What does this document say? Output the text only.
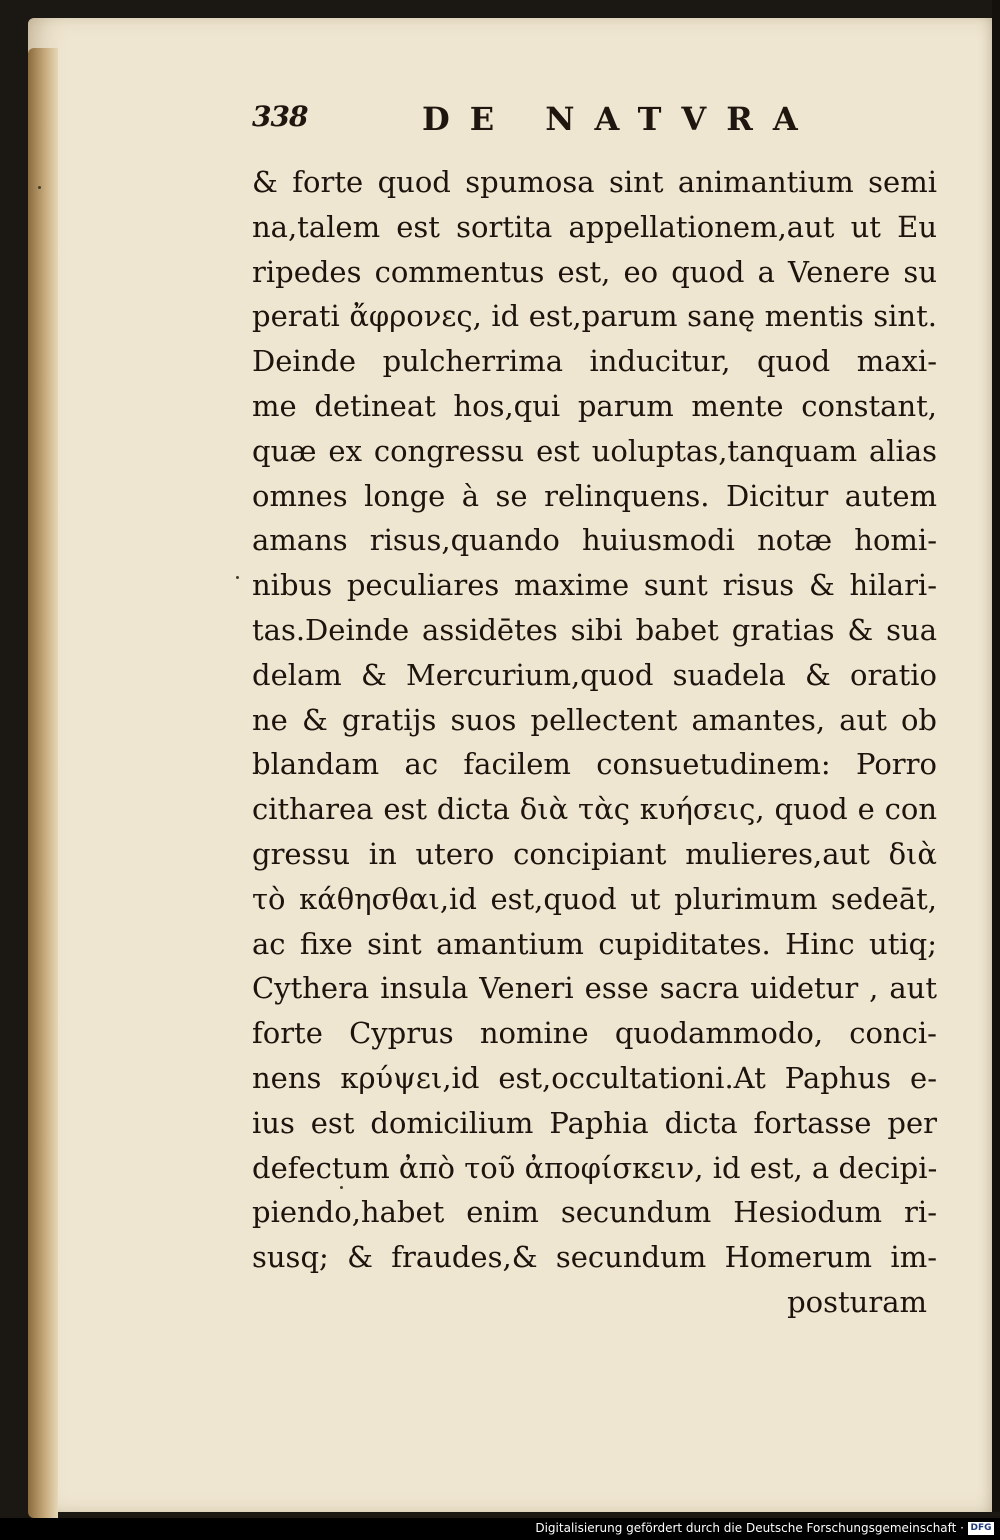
338	DE NATVRA
& forte quod spumosa sint animantium semi
na,talem est sortita appellationem,aut ut Eu
ripedes commentus est, eo quod a Venere su
perati ἄφρονες, id est,parum sanę mentis sint.
Deinde pulcherrima inducitur, quod maxi-
me detineat hos,qui parum mente constant,
quæ ex congressu est uoluptas,tanquam alias
omnes longe à se relinquens. Dicitur autem
amans risus,quando huiusmodi notæ homi-
nibus peculiares maxime sunt risus & hilari-
tas.Deinde assidētes sibi babet gratias & sua
delam & Mercurium,quod suadela & oratio
ne & gratijs suos pellectent amantes, aut ob
blandam ac facilem consuetudinem: Porro
citharea est dicta διὰ τὰς κυήσεις, quod e con
gressu in utero concipiant mulieres,aut διὰ
τὸ κάθησθαι,id est,quod ut plurimum sedeāt,
ac fixe sint amantium cupiditates. Hinc utiq;
Cythera insula Veneri esse sacra uidetur , aut
forte Cyprus nomine quodammodo, conci-
nens κρύψει,id est,occultationi.At Paphus e-
ius est domicilium Paphia dicta fortasse per
defectum ἀπὸ τοῦ ἀποφίσκειν, id est, a decipi-
piendo,habet enim secundum Hesiodum ri-
susq; & fraudes,& secundum Homerum im-
posturam
Digitalisierung gefördert durch die Deutsche Forschungsgemeinschaft · DFG
